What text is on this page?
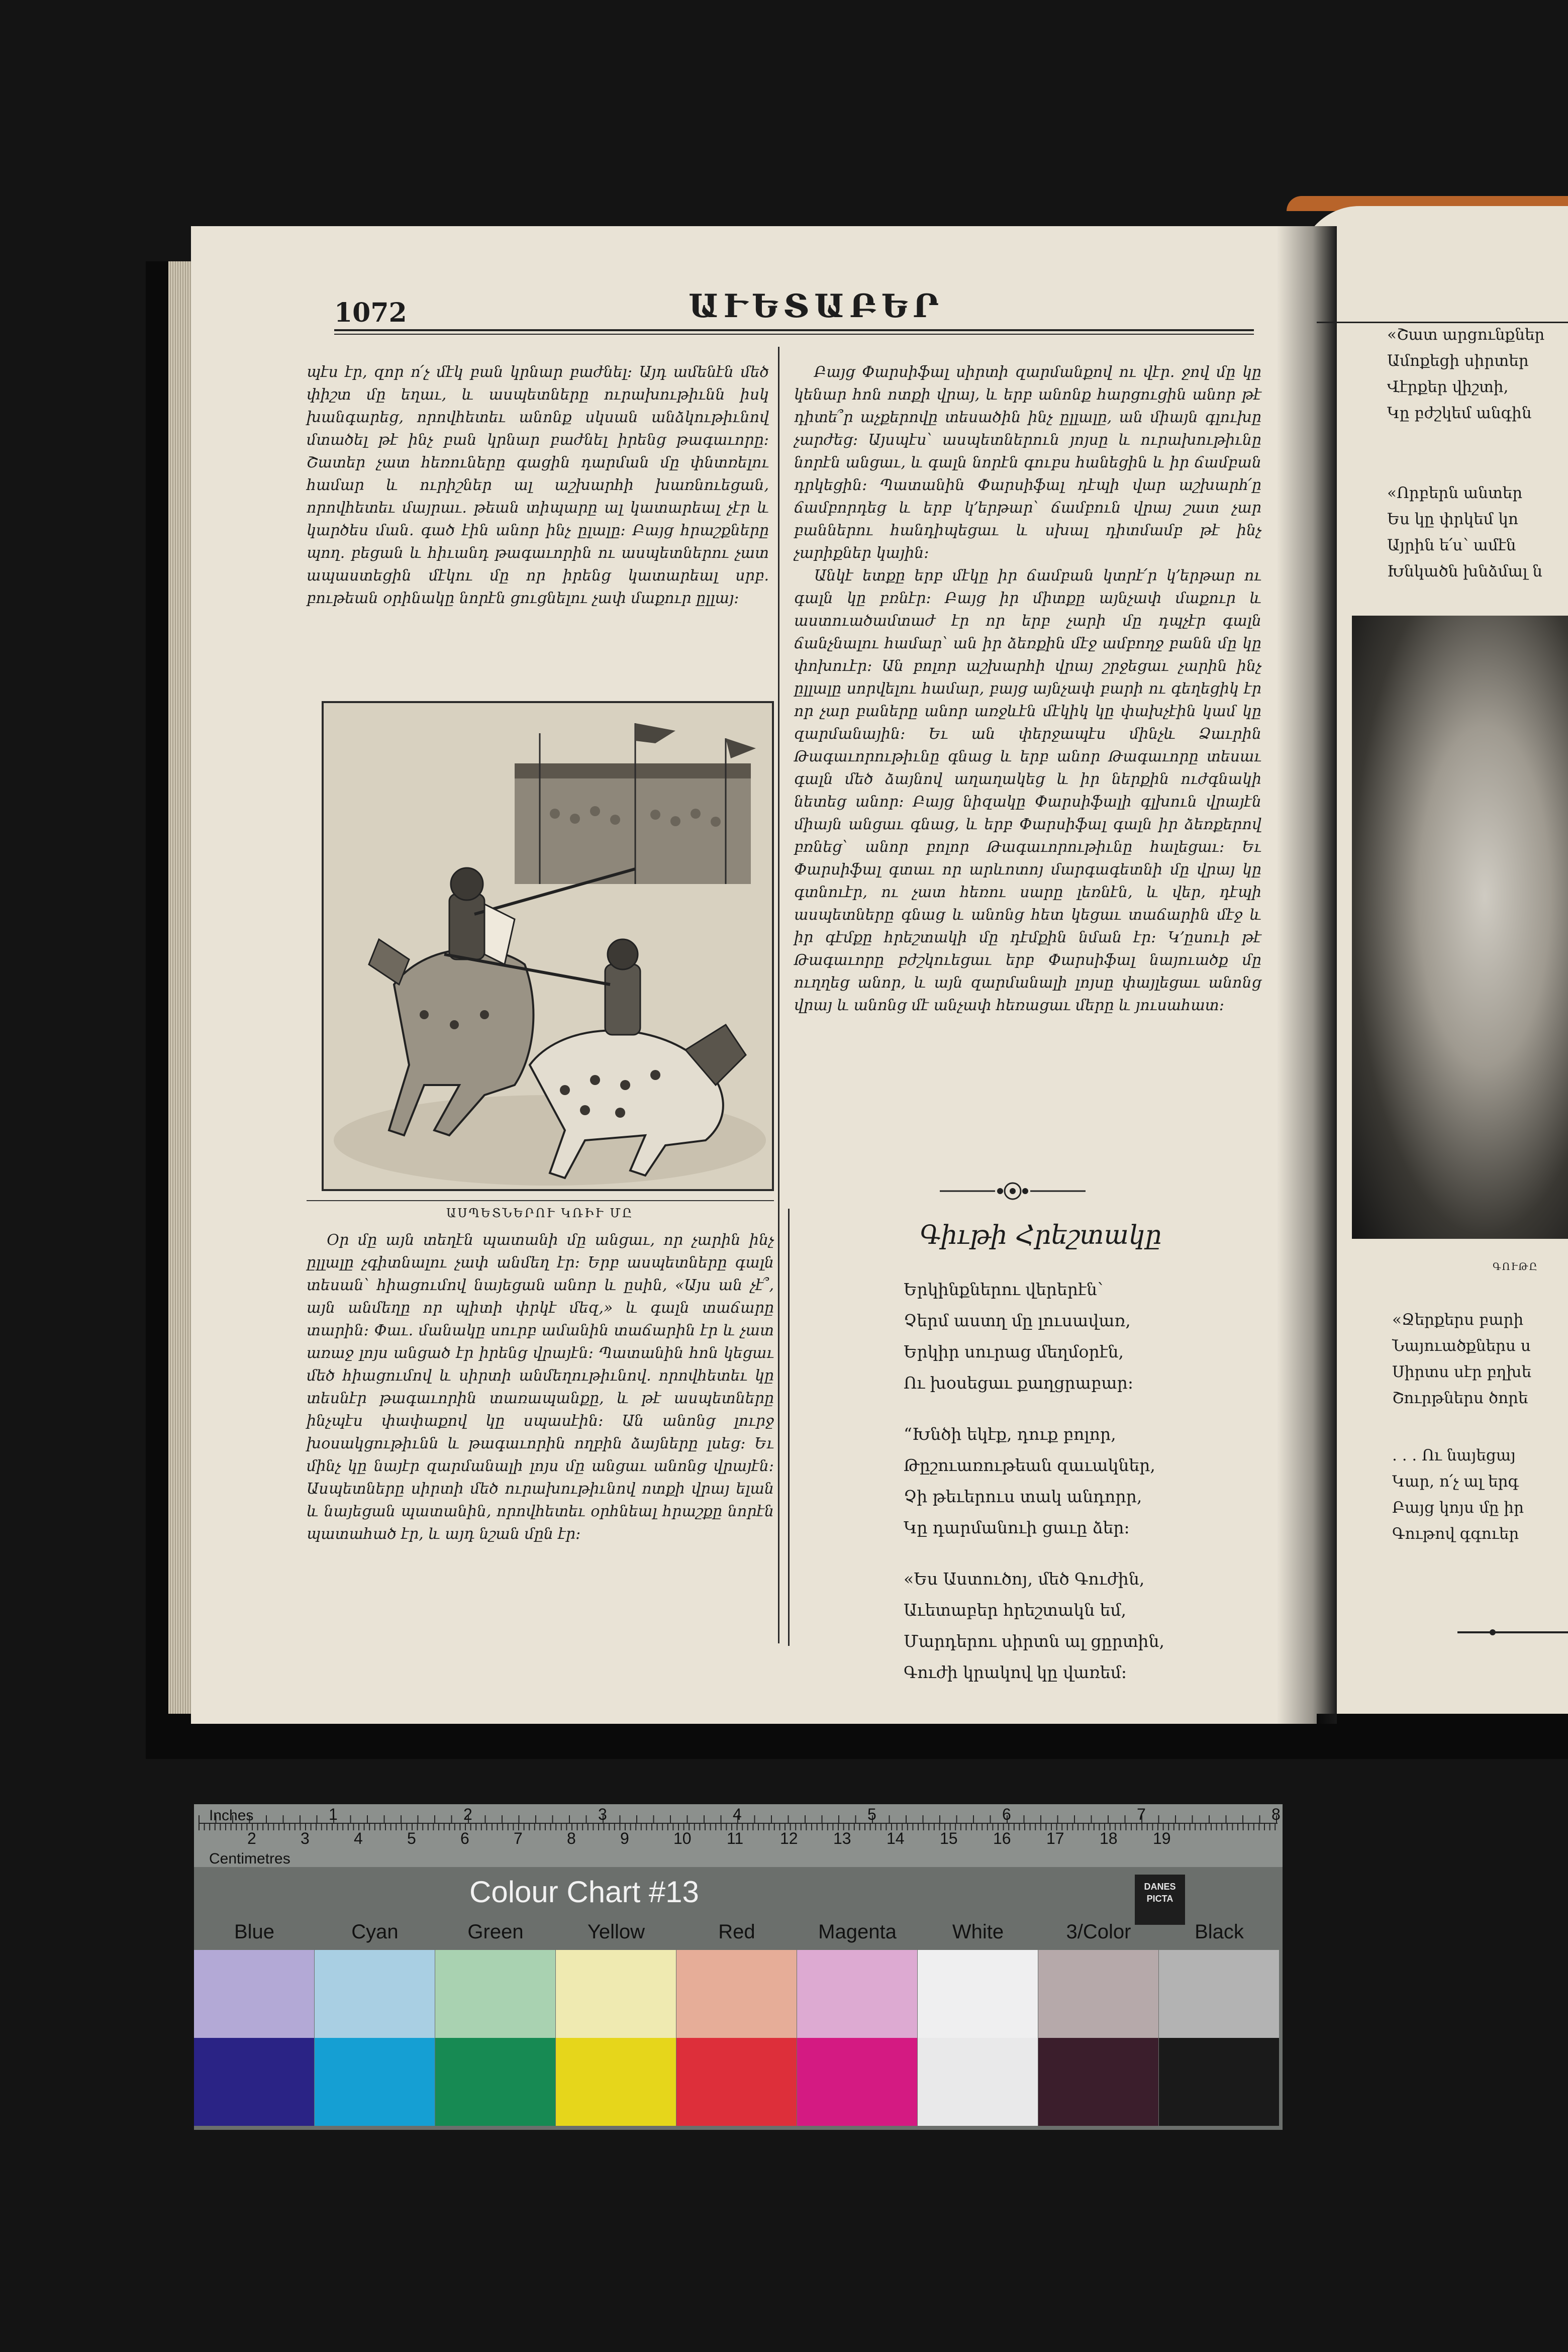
1072	ԱՒԵՏԱԲԵՐ

պէս էր, զոր ո՛չ մէկ բան կրնար բաժնել։ Այդ ամենէն մեծ փիշտ մը եղաւ, և ասպետները ուրախութիւնն իսկ խանգարեց, որովհետեւ անոնք սկսան անձկութիւնով մտածել թէ ինչ բան կրնար բաժնել իրենց թագաւորը։ Շատեր չատ հեռուները գացին դարման մը փնտռելու համար և ուրիշներ ալ աշխարհի խառնուեցան, որովհետեւ մայրաւ. թեան տիպարը ալ կատարեալ չէր և կարծես ման. գած էին անոր ինչ ըլալը։ Բայց հրաշքները պող. բեցան և հիւանդ թագաւորին ու ասպետներու չատ ապաստեցին մէկու մը որ իրենց կատարեալ սրբ. բութեան օրինակը նորէն ցուցնելու չափ մաքուր ըլլայ։

ԱՍՊԵՏՆԵՐՈՒ ԿՌԻՒ ՄԸ

Բայց Փարսիֆալ սիրտի զարմանքով ու վէր. ջով մը կը կենար հոն ոտքի վրայ, և երբ անոնք հարցուցին անոր թէ դիտե՞ր աչքերովը տեսածին ինչ ըլլալը, ան միայն գլուխը չարժեց։ Այսպէս՝ ասպետներուն յոյսը և ուրախութիւնը նորէն անցաւ, և գալն նորէն գուբս հանեցին և իր ճամբան դրկեցին։ Պատանին Փարսիֆալ դէպի վար աշխարհ՛ը ճամբորդեց և երբ կ՚երթար՝ ճամբուն վրայ շատ չար բաններու հանդիպեցաւ և սխալ դիտմամբ թէ ինչ չարիքներ կային։

Անկէ ետքը երբ մէկը իր ճամբան կտրէ՛ր կ՚երթար ու գալն կը բռնէր։ Բայց իր միտքը այնչափ մաքուր և աստուածամտաժ էր որ երբ չարի մը դպչէր գալն ճանչնալու համար՝ ան իր ձեռքին մէջ ամբողջ բանն մը կը փոխուէր։ Ան բոլոր աշխարհի վրայ շրջեցաւ չարին ինչ ըլլալը սորվելու համար, բայց այնչափ բարի ու գեղեցիկ էր որ չար բաները անոր առջևէն մէկիկ կը փախչէին կամ կը զարմանային։ Եւ ան փերջապէս մինչև Ձաւրին Թագաւորութիւնը գնաց և երբ անոր Թագաւորը տեսաւ գալն մեծ ձայնով աղաղակեց և իր ներքին ուժգնակի նետեց անոր։ Բայց նիզակը Փարսիֆալի գլխուն վրայէն միայն անցաւ գնաց, և երբ Փարսիֆալ գալն իր ձեռքերով բռնեց՝ անոր բոլոր Թագաւորութիւնը հալեցաւ։ Եւ Փարսիֆալ գտաւ որ արևոտոյ մարգագետնի մը վրայ կը գտնուէր, ու չատ հեռու սարը լեռնէն, և վեր, դէպի ասպետները գնաց և անոնց հետ կեցաւ տաճարին մէջ և իր գէմքը հրեշտակի մը դէմքին նման էր։ Կ՚ըսուի թէ Թագաւորը բժշկուեցաւ երբ Փարսիֆալ նայուածք մը ուղղեց անոր, և այն զարմանալի լոյսը փայլեցաւ անոնց վրայ և անոնց մէ անչափ հեռացաւ մերը և յուսահատ։

Օր մը այն տեղէն պատանի մը անցաւ, որ չարին ինչ ըլլալը չգիտնալու չափ անմեղ էր։ Երբ ասպետները գալն տեսան՝ հիացումով նայեցան անոր և ըսին, «Այս ան չէ՞, այն անմեղը որ պիտի փրկէ մեզ,» և գալն տաճարը տարին։ Փաւ. մանակը սուրբ ամանին տաճարին էր և չատ առաջ լոյս անցած էր իրենց վրայէն։ Պատանին հոն կեցաւ մեծ հիացումով և սիրտի անմեղութիւնով. որովհետեւ կը տեսնէր թագաւորին տառապանքը, և թէ ասպետները ինչպէս փափաքով կը սպասէին։ Ան անոնց լուրջ խօսակցութիւնն և թագաւորին ողբին ձայները լսեց։ Եւ մինչ կը նայէր զարմանալի լոյս մը անցաւ անոնց վրայէն։ Ասպետները սիրտի մեծ ուրախութիւնով ոտքի վրայ ելան և նայեցան պատանին, որովհետեւ օրհնեալ հրաշքը նորէն պատահած էր, և այդ նշան մըն էր։

Գիւթի Հրեշտակը
Երկինքներու վերերէն՝
Չերմ աստղ մը լուսավառ,
Երկիր սուրաց մեղմօրէն,
Ու խօսեցաւ քաղցրաբար։
“Խնծի եկէք, դուք բոլոր,
Թըշուառութեան զաւակներ,
Չի թեւերուս տակ անդորր,
Կը դարմանուի ցաւը ձեր։
«Ես Աստուծոյ, մեծ Գուժին,
Աւետաբեր հրեշտակն եմ,
Մարդերու սիրտն ալ ցըրտին,
Գուժի կրակով կը վառեմ։
«Շատ արցունքներ
Ամոքեցի սիրտեր
Վէրքեր վիշտի,
Կը բժշկեմ անգին
«Որբերն անտեր
Ես կը փրկեմ կո
Այրին ե՛ս՝ ամէն
Խնկածն խնձմալ ն
ԳՈՒԹԸ
«Ջերքերս բարի
Նայուածքներս ս
Սիրտս սէր բղխե
Շուրթներս ծորե
. . . Ու նայեցայ
Կար, ո՛չ ալ երգ
Բայց կոյս մը իր
Գութով գգուեր
Inches
Centimetres
1	2	3	4	5	6	7	8
2	3	4	5	6	7	8	9	10 11 12 13 14 15 16 17 18 19
Colour Chart #13	DANES PICTA
Blue	Cyan	Green	Yellow	Red	Magenta	White	3/Color	Black
